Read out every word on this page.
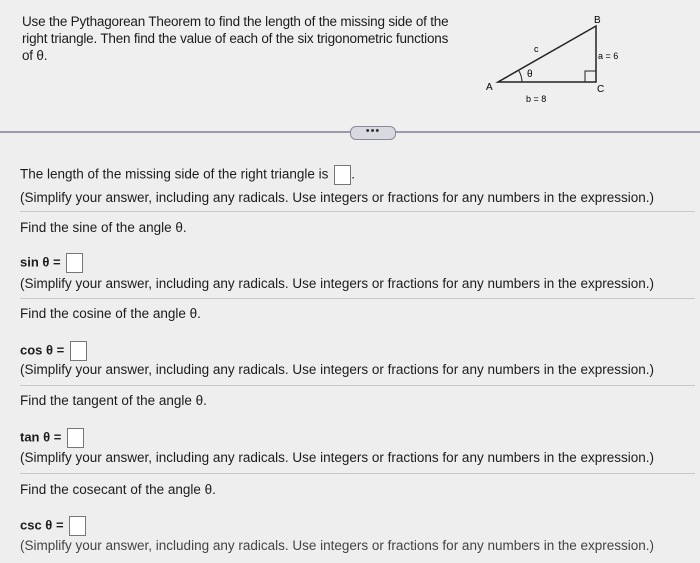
Use the Pythagorean Theorem to find the length of the missing side of the
right triangle. Then find the value of each of the six trigonometric functions
of θ.
B
A	C
c
a = 6
b = 8
θ
•••
The length of the missing side of the right triangle is .
(Simplify your answer, including any radicals. Use integers or fractions for any numbers in the expression.)
Find the sine of the angle θ.
sin θ =
(Simplify your answer, including any radicals. Use integers or fractions for any numbers in the expression.)
Find the cosine of the angle θ.
cos θ =
(Simplify your answer, including any radicals. Use integers or fractions for any numbers in the expression.)
Find the tangent of the angle θ.
tan θ =
(Simplify your answer, including any radicals. Use integers or fractions for any numbers in the expression.)
Find the cosecant of the angle θ.
csc θ =
(Simplify your answer, including any radicals. Use integers or fractions for any numbers in the expression.)
